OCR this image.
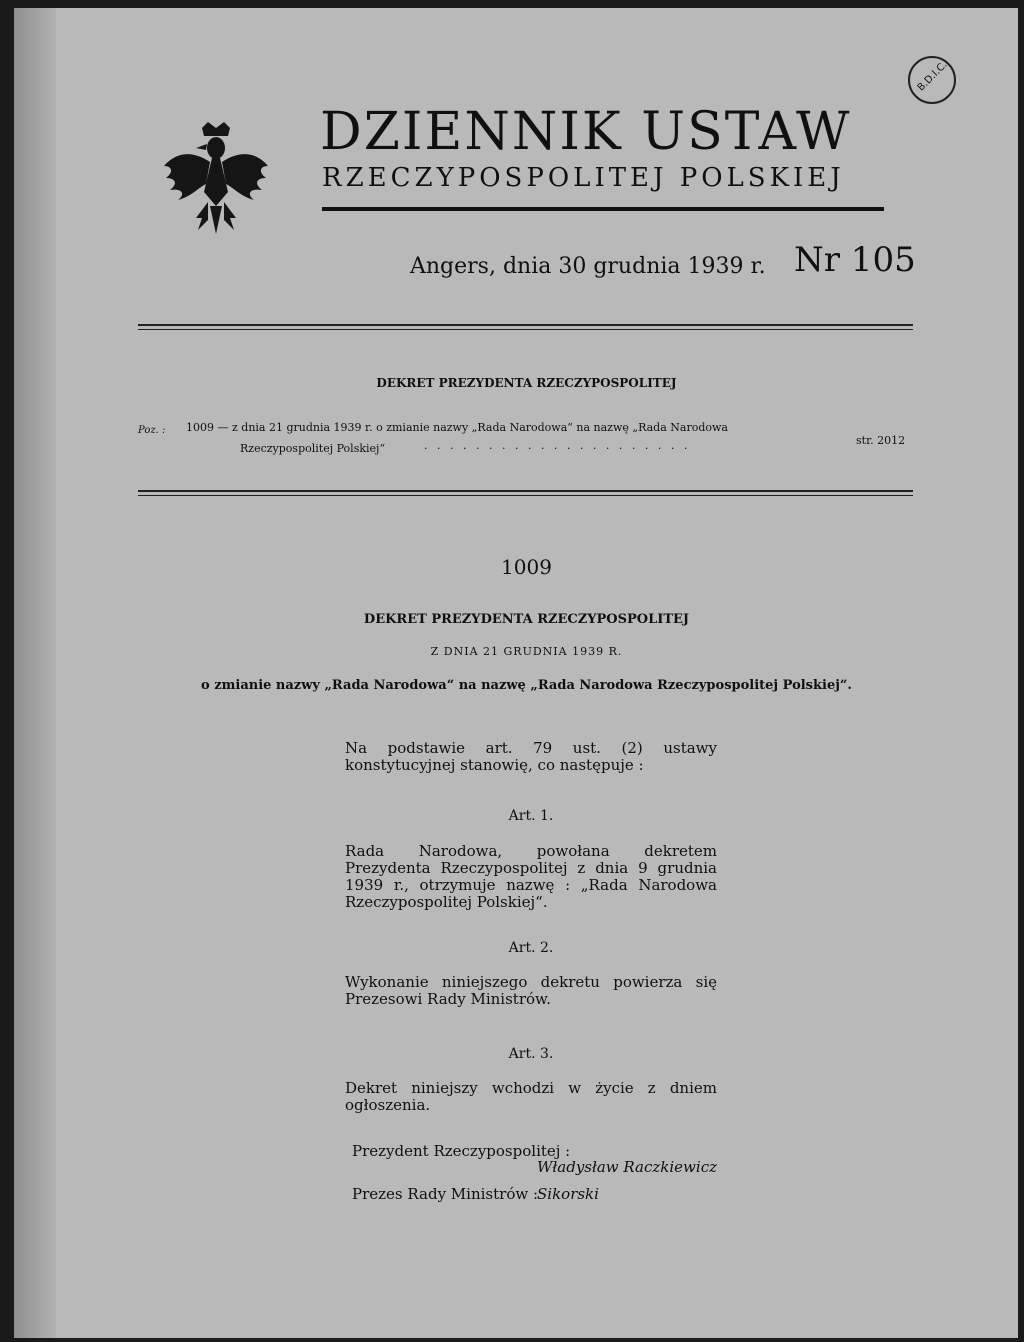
B.D.I.C.
DZIENNIK USTAW
RZECZYPOSPOLITEJ POLSKIEJ
Angers, dnia 30 grudnia 1939 r. Nr 105
DEKRET PREZYDENTA RZECZYPOSPOLITEJ
Poz. : 1009 — z dnia 21 grudnia 1939 r. o zmianie nazwy „Rada Narodowa“ na nazwę „Rada Narodowa
Rzeczypospolitej Polskiej“	. . . . . . . . . . . . . . . . . . . . .	str. 2012
1009
DEKRET PREZYDENTA RZECZYPOSPOLITEJ
Z DNIA 21 GRUDNIA 1939 R.
o zmianie nazwy „Rada Narodowa“ na nazwę „Rada Narodowa Rzeczypospolitej Polskiej“.
Na podstawie art. 79 ust. (2) ustawy konstytucyjnej stanowię, co następuje :
Art. 1.
Rada Narodowa, powołana dekretem Prezydenta Rzeczypospolitej z dnia 9 grudnia 1939 r., otrzymuje nazwę : „Rada Narodowa Rzeczypospolitej Polskiej“.
Art. 2.
Wykonanie niniejszego dekretu powierza się Prezesowi Rady Ministrów.
Art. 3.
Dekret niniejszy wchodzi w życie z dniem ogłoszenia.
Prezydent Rzeczypospolitej :
Władysław Raczkiewicz
Prezes Rady Ministrów :
Sikorski
